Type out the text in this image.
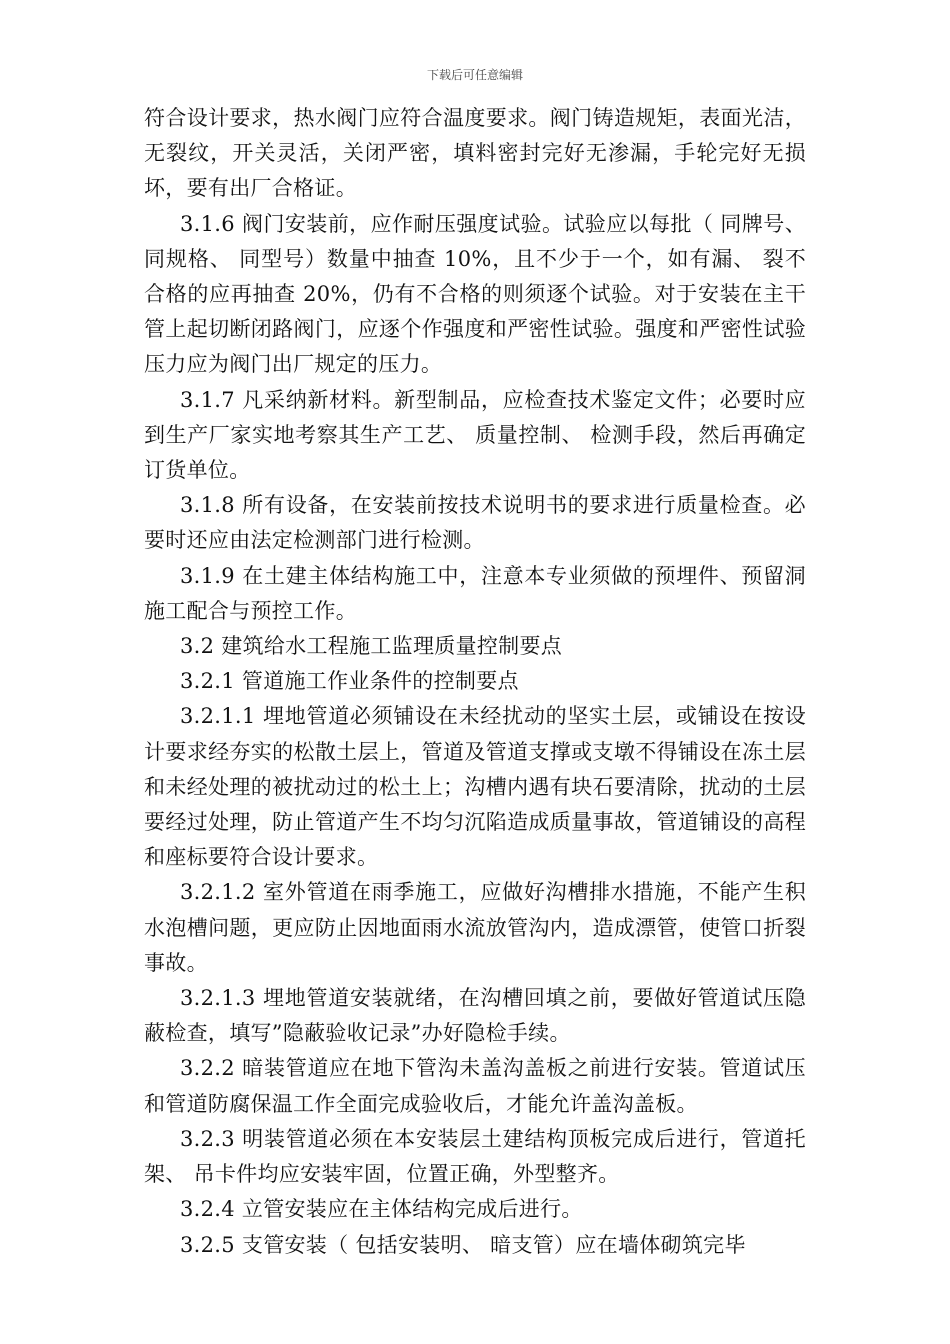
下载后可任意编辑

符合设计要求，热水阀门应符合温度要求。阀门铸造规矩，表面光洁，无裂纹，开关灵活，关闭严密，填料密封完好无渗漏，手轮完好无损坏，要有出厂合格证。

3.1.6 阀门安装前，应作耐压强度试验。试验应以每批（ 同牌号、 同规格、 同型号）数量中抽查 10%，且不少于一个，如有漏、 裂不合格的应再抽查 20%，仍有不合格的则须逐个试验。对于安装在主干管上起切断闭路阀门，应逐个作强度和严密性试验。强度和严密性试验压力应为阀门出厂规定的压力。

3.1.7 凡采纳新材料。新型制品，应检查技术鉴定文件；必要时应到生产厂家实地考察其生产工艺、 质量控制、 检测手段，然后再确定订货单位。

3.1.8 所有设备，在安装前按技术说明书的要求进行质量检查。必要时还应由法定检测部门进行检测。

3.1.9 在土建主体结构施工中，注意本专业须做的预埋件、预留洞施工配合与预控工作。

3.2 建筑给水工程施工监理质量控制要点

3.2.1 管道施工作业条件的控制要点

3.2.1.1 埋地管道必须铺设在未经扰动的坚实土层，或铺设在按设计要求经夯实的松散土层上，管道及管道支撑或支墩不得铺设在冻土层和未经处理的被扰动过的松土上；沟槽内遇有块石要清除，扰动的土层要经过处理，防止管道产生不均匀沉陷造成质量事故，管道铺设的高程和座标要符合设计要求。

3.2.1.2 室外管道在雨季施工，应做好沟槽排水措施，不能产生积水泡槽问题，更应防止因地面雨水流放管沟内，造成漂管，使管口折裂事故。

3.2.1.3 埋地管道安装就绪，在沟槽回填之前，要做好管道试压隐蔽检查，填写”隐蔽验收记录”办好隐检手续。

3.2.2 暗装管道应在地下管沟未盖沟盖板之前进行安装。管道试压和管道防腐保温工作全面完成验收后，才能允许盖沟盖板。

3.2.3 明装管道必须在本安装层土建结构顶板完成后进行，管道托架、 吊卡件均应安装牢固，位置正确，外型整齐。

3.2.4 立管安装应在主体结构完成后进行。

3.2.5 支管安装（ 包括安装明、 暗支管）应在墙体砌筑完毕
